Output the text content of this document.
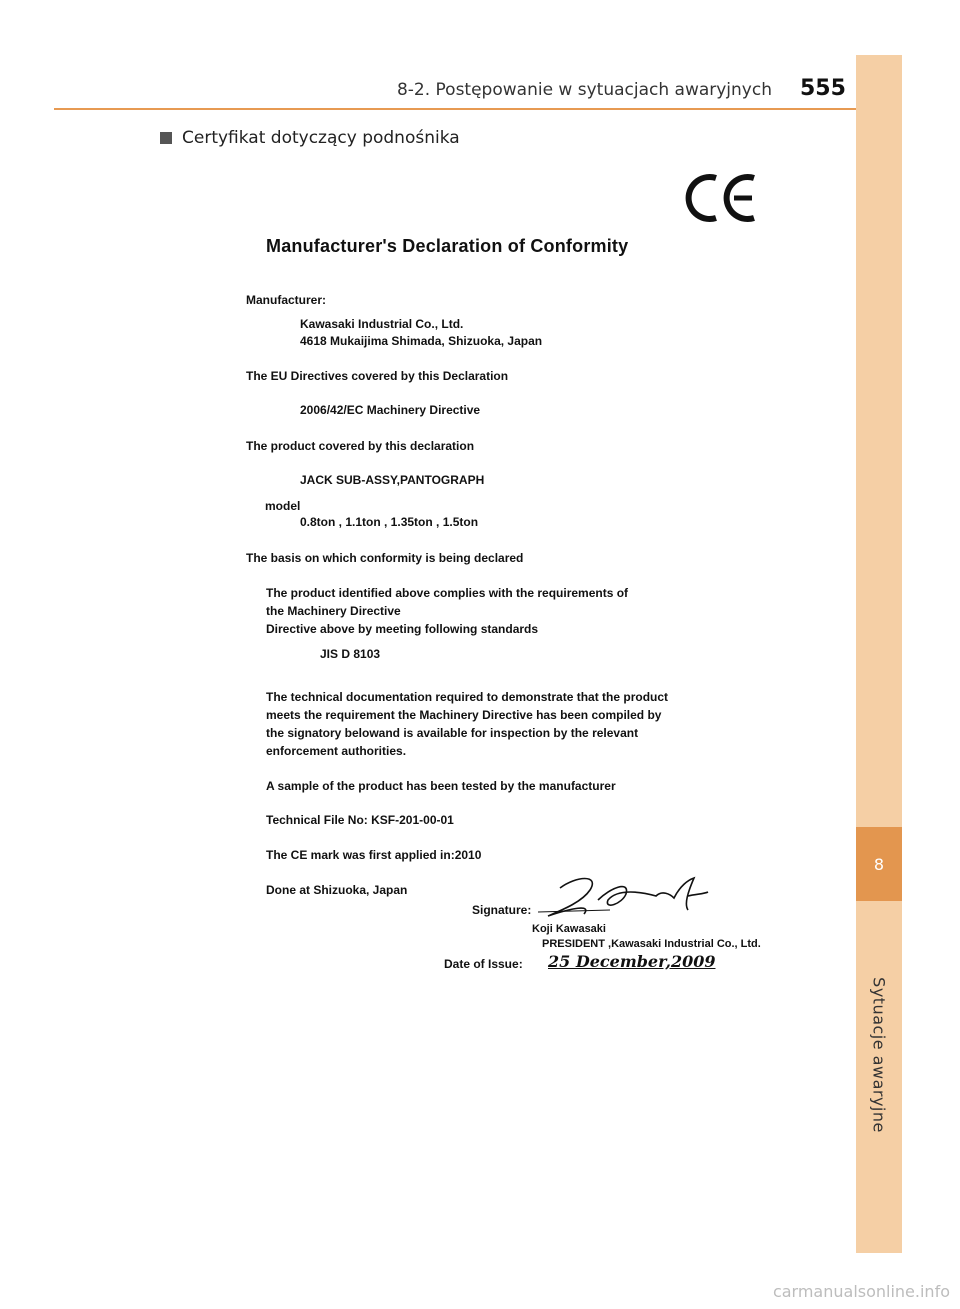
8
Sytuacje awaryjne
8-2. Postępowanie w sytuacjach awaryjnych 555
Certyfikat dotyczący podnośnika
Manufacturer's Declaration of Conformity
Manufacturer:
Kawasaki Industrial Co., Ltd.
4618 Mukaijima Shimada, Shizuoka, Japan
The EU Directives covered by this Declaration
2006/42/EC Machinery Directive
The product covered by this declaration
JACK SUB-ASSY,PANTOGRAPH
model
0.8ton , 1.1ton , 1.35ton , 1.5ton
The basis on which conformity is being declared
The product identified above complies with the requirements of
the Machinery Directive
Directive above by meeting following standards
JIS D 8103
The technical documentation required to demonstrate that the product
meets the requirement the Machinery Directive has been compiled by
the signatory belowand is available for inspection by the relevant
enforcement authorities.
A sample of the product has been tested by the manufacturer
Technical File No: KSF-201-00-01
The CE mark was first applied in:2010
Done at Shizuoka, Japan
Signature:
Koji Kawasaki
PRESIDENT ,Kawasaki Industrial Co., Ltd.
Date of Issue: 25 December,2009
carmanualsonline.info
